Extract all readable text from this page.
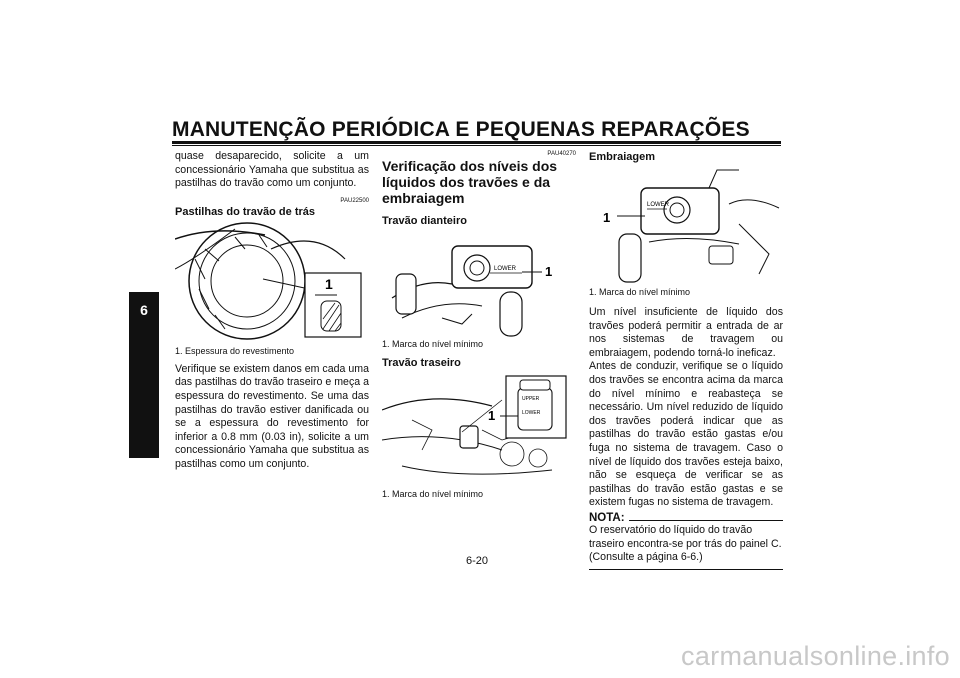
MANUTENÇÃO PERIÓDICA E PEQUENAS REPARAÇÕES
6

quase desaparecido, solicite a um concessionário Yamaha que substitua as pastilhas do travão como um conjunto.

PAU22500

Pastilhas do travão de trás

1

1. Espessura do revestimento

Verifique se existem danos em cada uma das pastilhas do travão traseiro e meça a espessura do revestimento. Se uma das pastilhas do travão estiver danificada ou se a espessura do revestimento for inferior a 0.8 mm (0.03 in), solicite a um concessionário Yamaha que substitua as pastilhas como um conjunto.

PAU40270

Verificação dos níveis dos líquidos dos travões e da embraiagem

Travão dianteiro

LOWER 1

1. Marca do nível mínimo

Travão traseiro

UPPER
LOWER
1

1. Marca do nível mínimo

Embraiagem

LOWER
1

1. Marca do nível mínimo

Um nível insuficiente de líquido dos travões poderá permitir a entrada de ar nos sistemas de travagem ou embraiagem, podendo torná-lo ineficaz.

Antes de conduzir, verifique se o líquido dos travões se encontra acima da marca do nível mínimo e reabasteça se necessário. Um nível reduzido de líquido dos travões poderá indicar que as pastilhas do travão estão gastas e/ou fuga no sistema de travagem. Caso o nível de líquido dos travões esteja baixo, não se esqueça de verificar se as pastilhas do travão estão gastas e se existem fugas no sistema de travagem.

NOTA:

O reservatório do líquido do travão traseiro encontra-se por trás do painel C. (Consulte a página 6-6.)

6-20
carmanualsonline.info
